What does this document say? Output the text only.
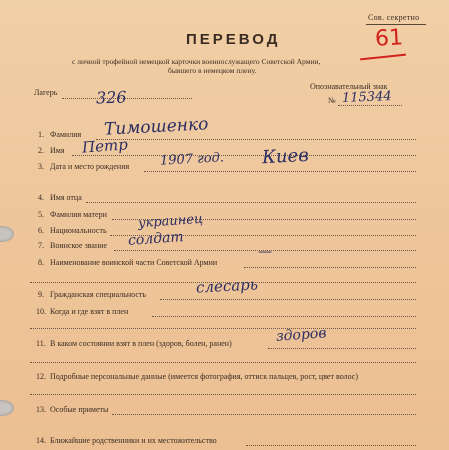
Сов. секретно
61
ПЕРЕВОД
с личной трофейной немецкой карточки военнослужащего Советской Армии,
бывшего в немецком плену.
Лагерь 326
Опознавательный знак
№ 115344
1. Фамилия Тимошенко
2. Имя Петр
3. Дата и место рождения 1907 год. Киев
4. Имя отца
5. Фамилия матери
6. Национальность украинец
7. Воинское звание солдат
8. Наименование воинской части Советской Армии
—
9. Гражданская специальность	слесарь
10. Когда и где взят в плен
11. В каком состоянии взят в плен (здоров, болен, ранен)	здоров
12. Подробные персональные данные (имеется фотография, оттиск пальцев, рост, цвет волос)
13. Особые приметы
14. Ближайшие родственники и их местожительство
